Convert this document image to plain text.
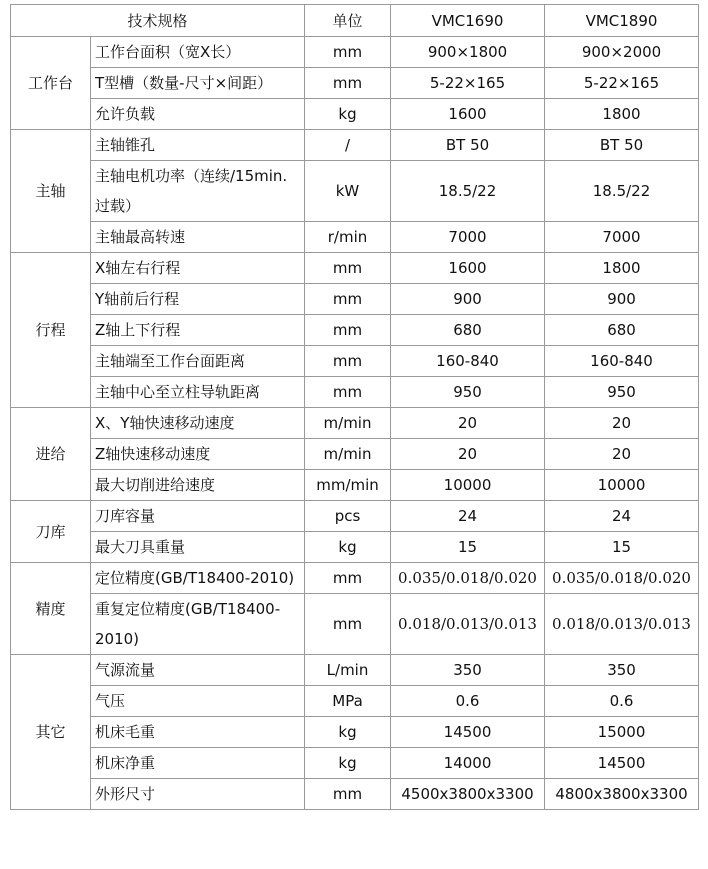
技术规格		单位	VMC1690	VMC1890
工作台	工作台面积（宽X长）	mm	900×1800	900×2000
	T型槽（数量-尺寸×间距）	mm	5-22×165	5-22×165
	允许负载	kg	1600	1800
主轴	主轴锥孔	/	BT 50	BT 50
	主轴电机功率（连续/15min.过载）	kW	18.5/22	18.5/22
	主轴最高转速	r/min	7000	7000
行程	X轴左右行程	mm	1600	1800
	Y轴前后行程	mm	900	900
	Z轴上下行程	mm	680	680
	主轴端至工作台面距离	mm	160-840	160-840
	主轴中心至立柱导轨距离	mm	950	950
进给	X、Y轴快速移动速度	m/min	20	20
	Z轴快速移动速度	m/min	20	20
	最大切削进给速度	mm/min	10000	10000
刀库	刀库容量	pcs	24	24
	最大刀具重量	kg	15	15
精度	定位精度(GB/T18400-2010)	mm	0.035/0.018/0.020	0.035/0.018/0.020
	重复定位精度(GB/T18400-2010)	mm	0.018/0.013/0.013	0.018/0.013/0.013
其它	气源流量	L/min	350	350
	气压	MPa	0.6	0.6
	机床毛重	kg	14500	15000
	机床净重	kg	14000	14500
	外形尺寸	mm	4500x3800x3300	4800x3800x3300
